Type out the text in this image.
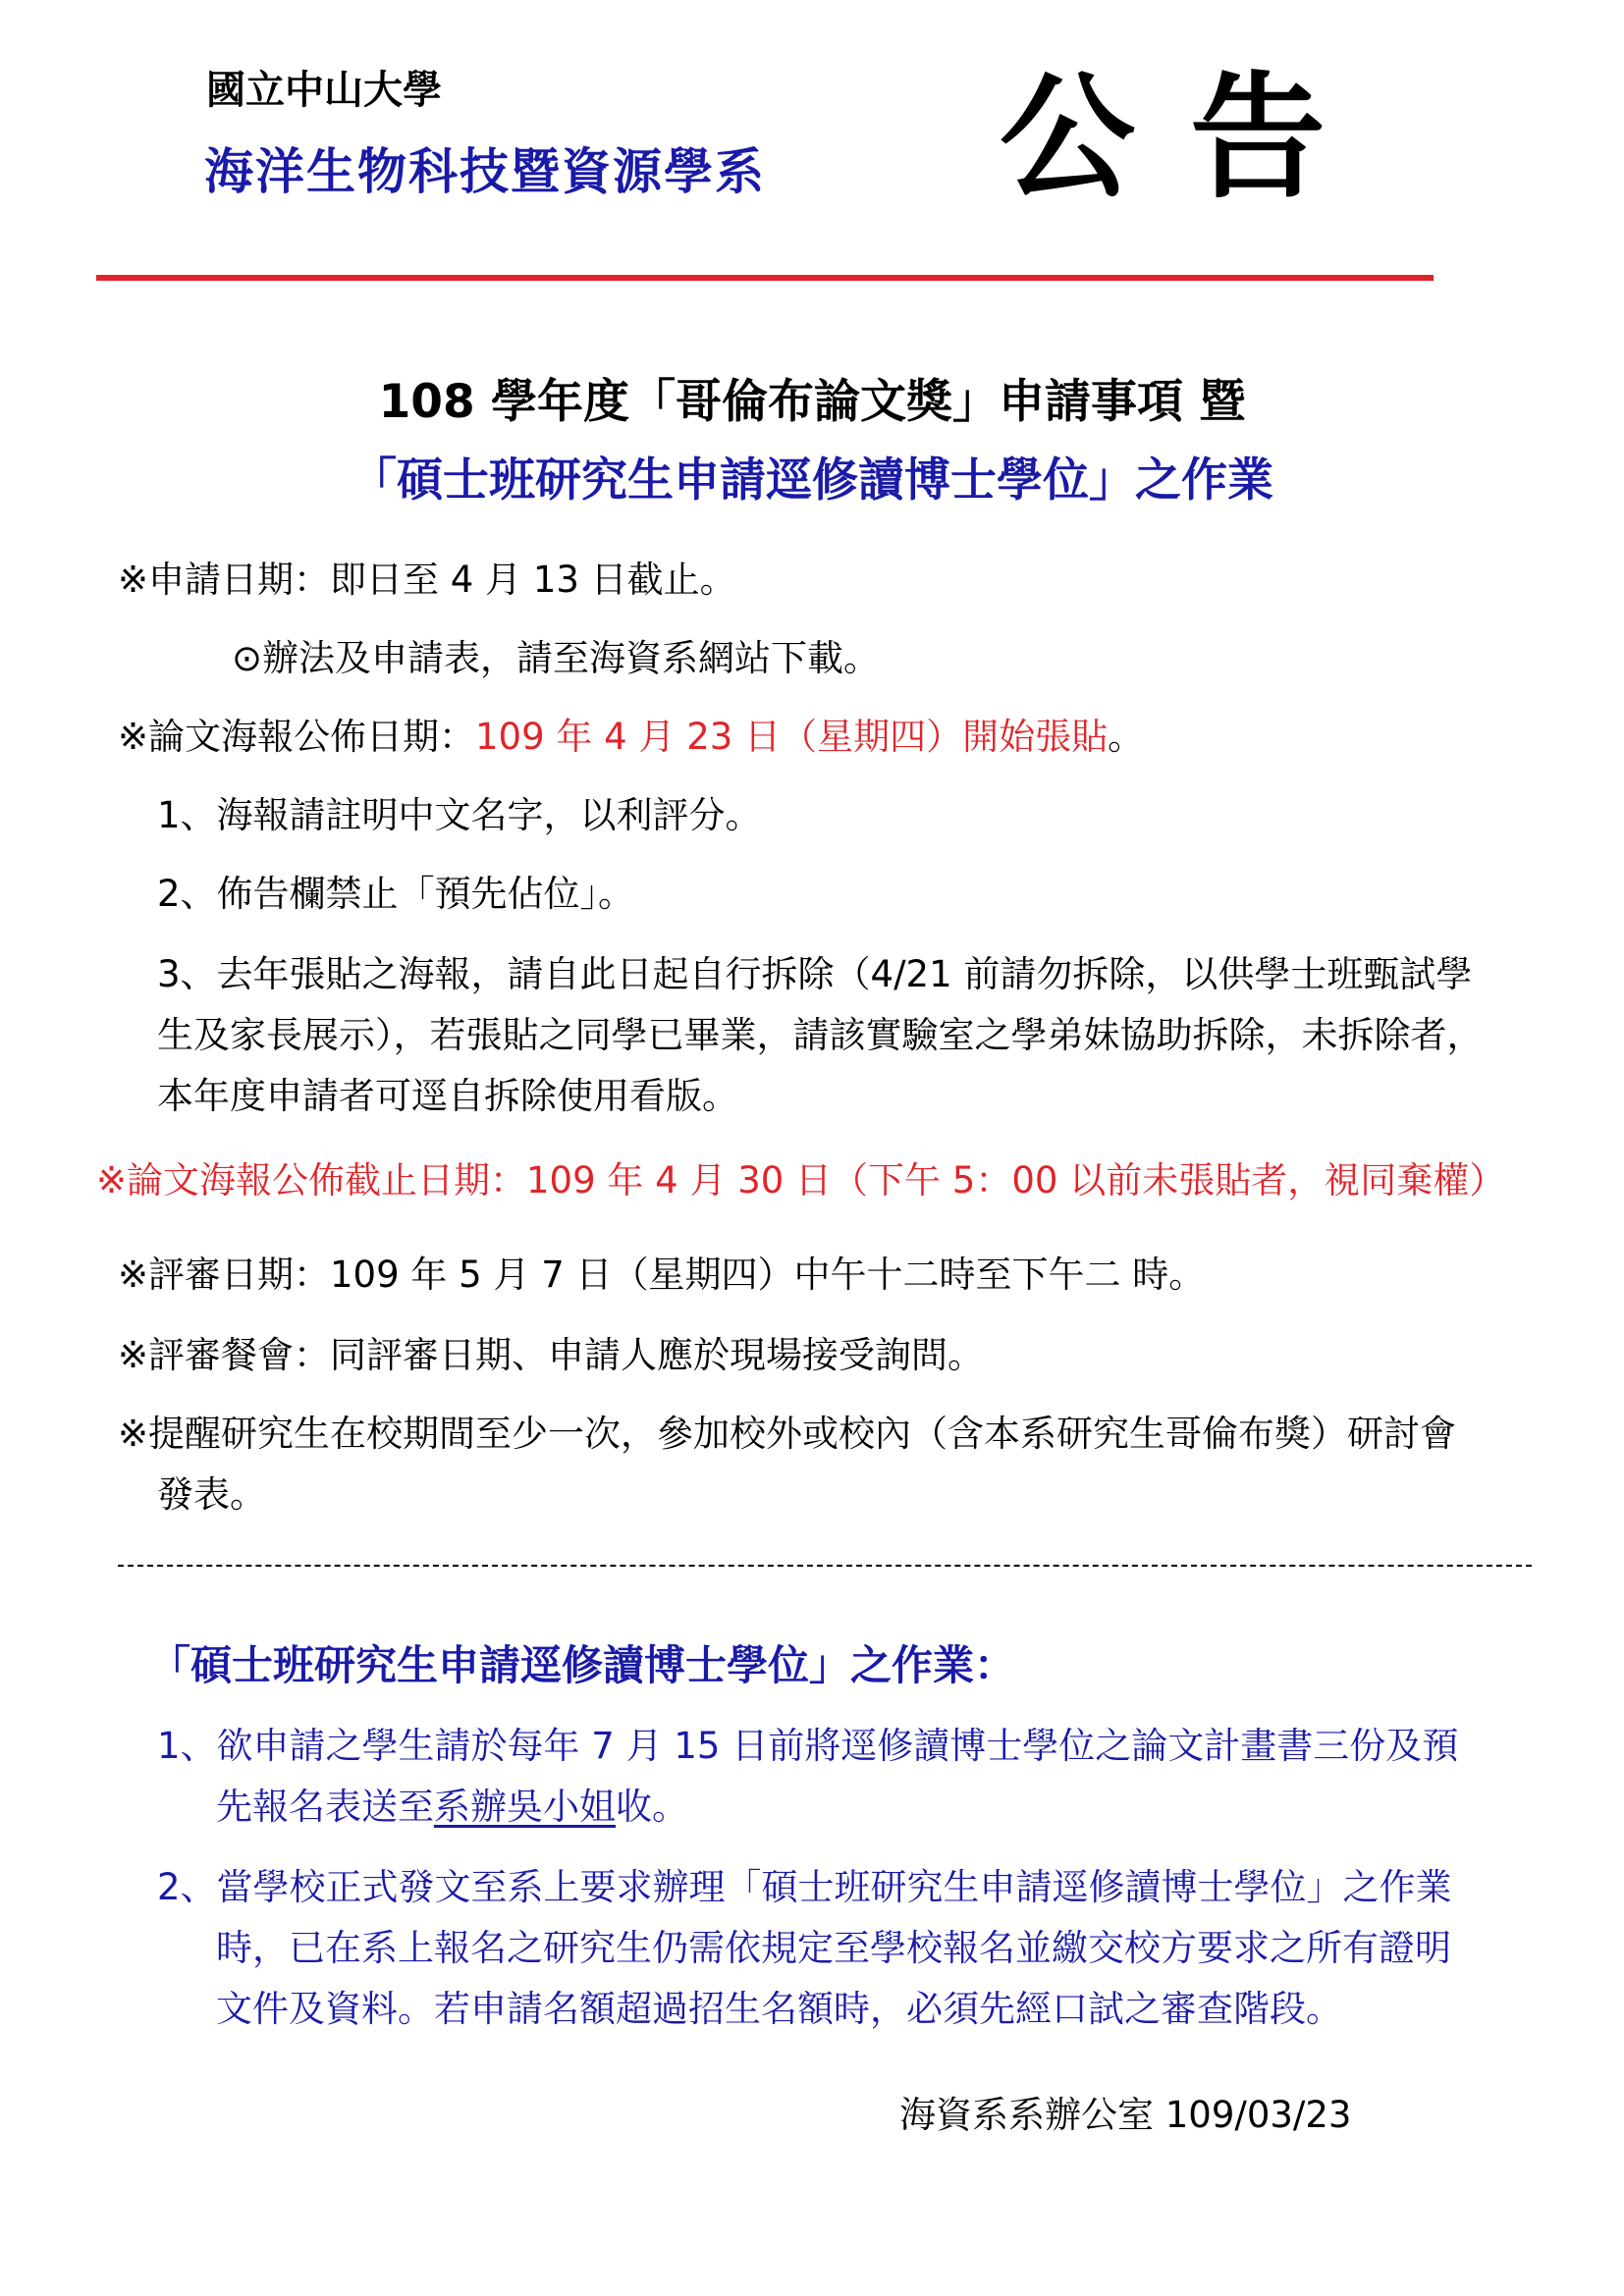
國立中山大學
海洋生物科技暨資源學系 公告
108 學年度「哥倫布論文獎」申請事項 暨
「碩士班研究生申請逕修讀博士學位」之作業
※申請日期：即日至 4 月 13 日截止。
⊙辦法及申請表，請至海資系網站下載。
※論文海報公佈日期：109 年 4 月 23 日（星期四）開始張貼。
1、海報請註明中文名字，以利評分。
2、佈告欄禁止「預先佔位」。
3、去年張貼之海報，請自此日起自行拆除（4/21 前請勿拆除，以供學士班甄試學
生及家長展示），若張貼之同學已畢業，請該實驗室之學弟妹協助拆除，未拆除者，
本年度申請者可逕自拆除使用看版。
※論文海報公佈截止日期：109 年 4 月 30 日（下午 5：00 以前未張貼者，視同棄權）
※評審日期：109 年 5 月 7 日（星期四）中午十二時至下午二 時。
※評審餐會：同評審日期、申請人應於現場接受詢問。
※提醒研究生在校期間至少一次，參加校外或校內（含本系研究生哥倫布獎）研討會
發表。
「碩士班研究生申請逕修讀博士學位」之作業：
1、欲申請之學生請於每年 7 月 15 日前將逕修讀博士學位之論文計畫書三份及預
先報名表送至系辦吳小姐收。
2、當學校正式發文至系上要求辦理「碩士班研究生申請逕修讀博士學位」之作業
時，已在系上報名之研究生仍需依規定至學校報名並繳交校方要求之所有證明
文件及資料。若申請名額超過招生名額時，必須先經口試之審查階段。
海資系系辦公室 109/03/23
